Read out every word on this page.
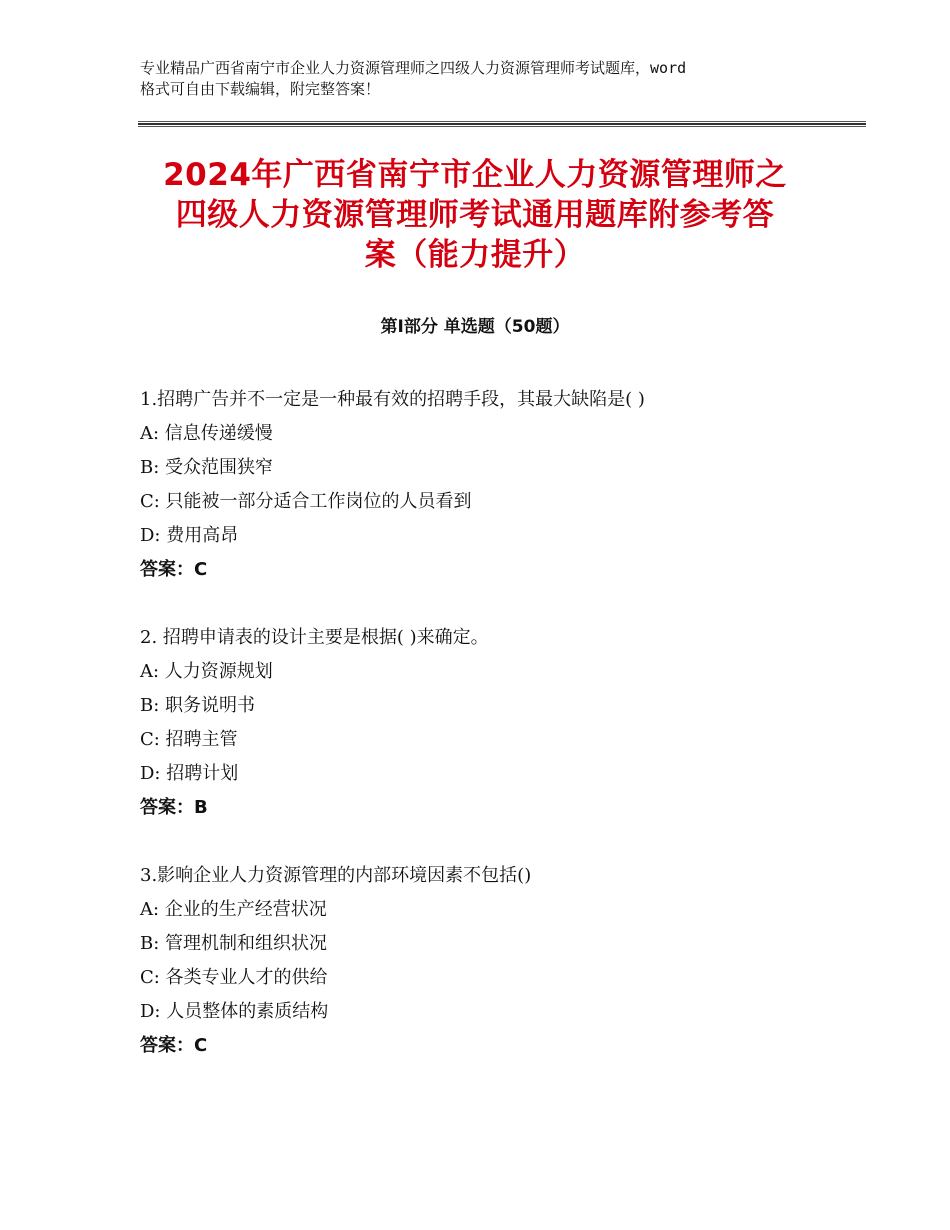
专业精品广西省南宁市企业人力资源管理师之四级人力资源管理师考试题库，word
格式可自由下载编辑，附完整答案！
2024年广西省南宁市企业人力资源管理师之
四级人力资源管理师考试通用题库附参考答
案（能力提升）
第Ⅰ部分 单选题（50题）
1.招聘广告并不一定是一种最有效的招聘手段，其最大缺陷是( )
A: 信息传递缓慢
B: 受众范围狭窄
C: 只能被一部分适合工作岗位的人员看到
D: 费用高昂
答案：C
2. 招聘申请表的设计主要是根据( )来确定。
A: 人力资源规划
B: 职务说明书
C: 招聘主管
D: 招聘计划
答案：B
3.影响企业人力资源管理的内部环境因素不包括()
A: 企业的生产经营状况
B: 管理机制和组织状况
C: 各类专业人才的供给
D: 人员整体的素质结构
答案：C
